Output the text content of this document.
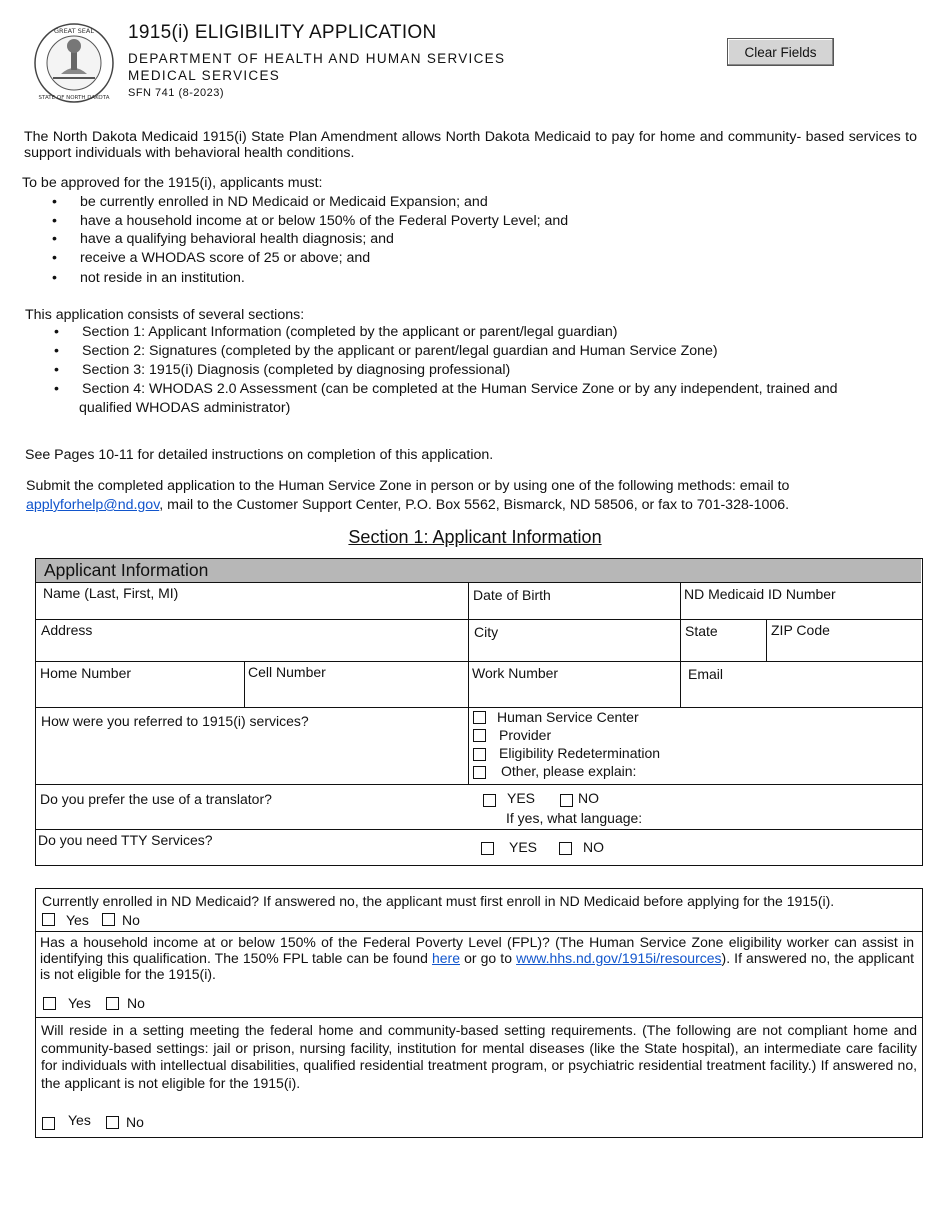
GREAT SEAL
STATE OF NORTH DAKOTA
1915(i) ELIGIBILITY APPLICATION
DEPARTMENT OF HEALTH AND HUMAN SERVICES
MEDICAL SERVICES
SFN 741 (8-2023)
Clear Fields
The North Dakota Medicaid 1915(i) State Plan Amendment allows North Dakota Medicaid to pay for home and community- based services to support individuals with behavioral health conditions.
To be approved for the 1915(i), applicants must:
• be currently enrolled in ND Medicaid or Medicaid Expansion; and
• have a household income at or below 150% of the Federal Poverty Level; and
• have a qualifying behavioral health diagnosis; and
• receive a WHODAS score of 25 or above; and
• not reside in an institution.
This application consists of several sections:
• Section 1: Applicant Information (completed by the applicant or parent/legal guardian)
• Section 2: Signatures (completed by the applicant or parent/legal guardian and Human Service Zone)
• Section 3: 1915(i) Diagnosis (completed by diagnosing professional)
• Section 4: WHODAS 2.0 Assessment (can be completed at the Human Service Zone or by any independent, trained and
qualified WHODAS administrator)
See Pages 10-11 for detailed instructions on completion of this application.
Submit the completed application to the Human Service Zone in person or by using one of the following methods: email to
applyforhelp@nd.gov, mail to the Customer Support Center, P.O. Box 5562, Bismarck, ND 58506, or fax to 701-328-1006.
Section 1: Applicant Information
Applicant Information
Name (Last, First, MI)	Date of Birth	ND Medicaid ID Number
Address	City	State	ZIP Code
Home Number	Cell Number	Work Number	Email
How were you referred to 1915(i) services?	Human Service Center
Provider
Eligibility Redetermination
Other, please explain:
Do you prefer the use of a translator?	YES	NO
If yes, what language:
Do you need TTY Services?	YES	NO
Currently enrolled in ND Medicaid? If answered no, the applicant must first enroll in ND Medicaid before applying for the 1915(i).
Yes No
Has a household income at or below 150% of the Federal Poverty Level (FPL)? (The Human Service Zone eligibility worker can assist in identifying this qualification. The 150% FPL table can be found here or go to www.hhs.nd.gov/1915i/resources). If answered no, the applicant is not eligible for the 1915(i).
Yes	No
Will reside in a setting meeting the federal home and community-based setting requirements. (The following are not compliant home and community-based settings: jail or prison, nursing facility, institution for mental diseases (like the State hospital), an intermediate care facility for individuals with intellectual disabilities, qualified residential treatment program, or psychiatric residential treatment facility.) If answered no, the applicant is not eligible for the 1915(i).
Yes	No
